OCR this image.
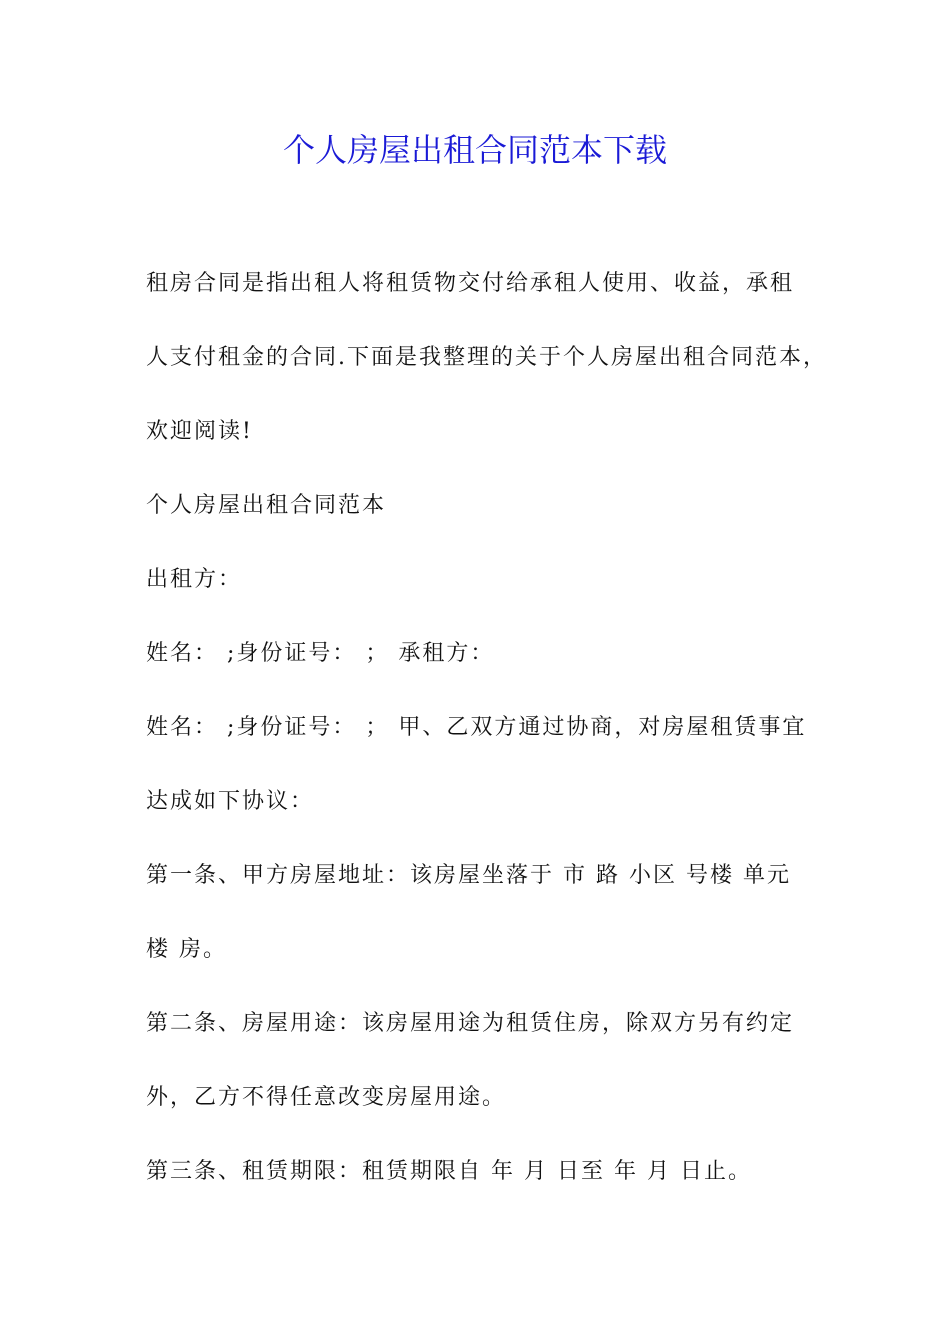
个人房屋出租合同范本下载
租房合同是指出租人将租赁物交付给承租人使用、收益，承租
人支付租金的合同.下面是我整理的关于个人房屋出租合同范本，
欢迎阅读!
个人房屋出租合同范本
出租方：
姓名： ;身份证号： ； 承租方：
姓名： ;身份证号： ； 甲、乙双方通过协商，对房屋租赁事宜
达成如下协议：
第一条、甲方房屋地址：该房屋坐落于 市 路 小区 号楼 单元
楼 房。
第二条、房屋用途：该房屋用途为租赁住房，除双方另有约定
外，乙方不得任意改变房屋用途。
第三条、租赁期限：租赁期限自 年 月 日至 年 月 日止。
